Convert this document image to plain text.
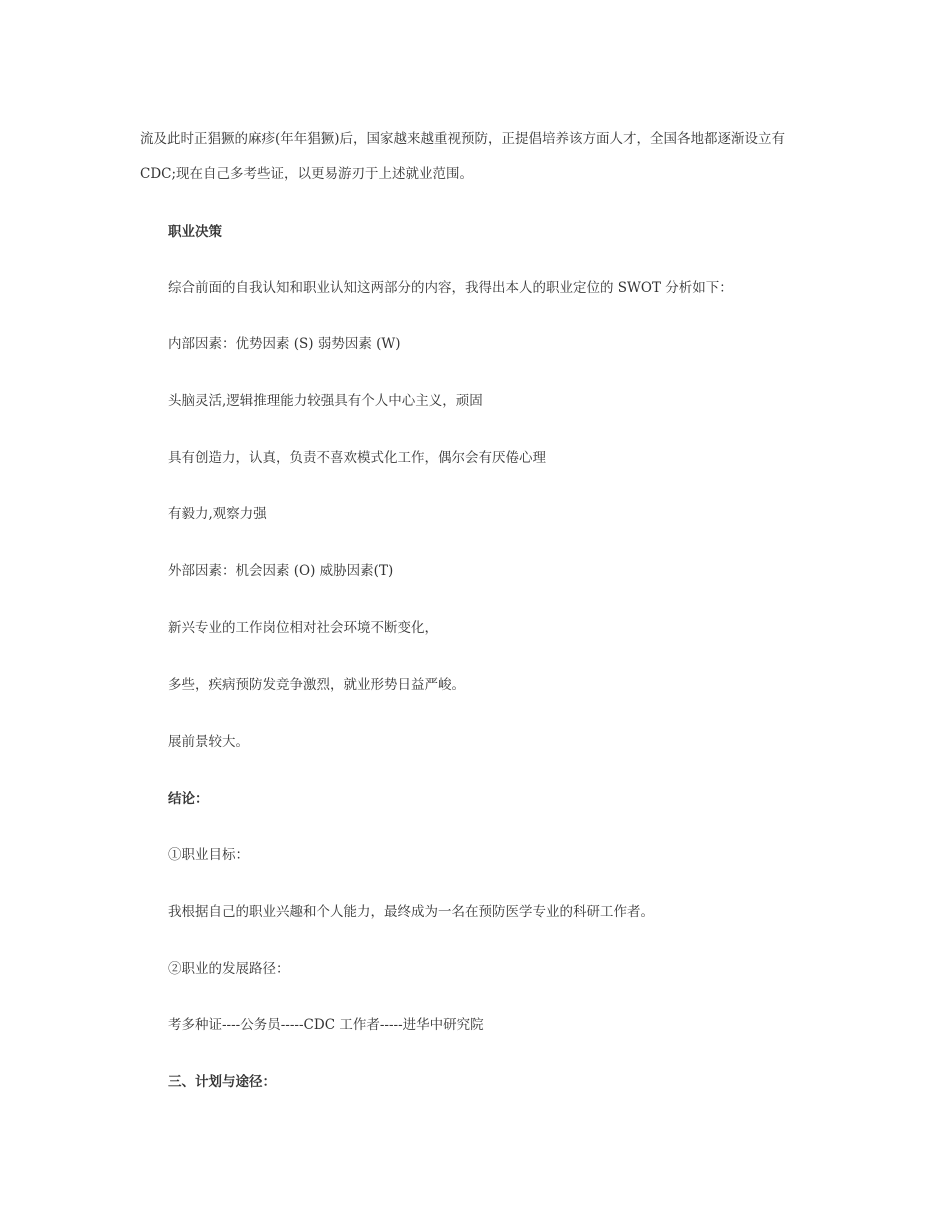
流及此时正猖獗的麻疹(年年猖獗)后，国家越来越重视预防，正提倡培养该方面人才，全国各地都逐渐设立有

CDC;现在自己多考些证，以更易游刃于上述就业范围。

职业决策

综合前面的自我认知和职业认知这两部分的内容，我得出本人的职业定位的 SWOT 分析如下：

内部因素：优势因素 (S) 弱势因素 (W)

头脑灵活,逻辑推理能力较强具有个人中心主义，顽固

具有创造力，认真，负责不喜欢模式化工作，偶尔会有厌倦心理

有毅力,观察力强

外部因素：机会因素 (O) 威胁因素(T)

新兴专业的工作岗位相对社会环境不断变化，

多些，疾病预防发竞争激烈，就业形势日益严峻。

展前景较大。

结论：

①职业目标：

我根据自己的职业兴趣和个人能力，最终成为一名在预防医学专业的科研工作者。

②职业的发展路径：

考多种证----公务员-----CDC 工作者-----进华中研究院

三、计划与途径：
